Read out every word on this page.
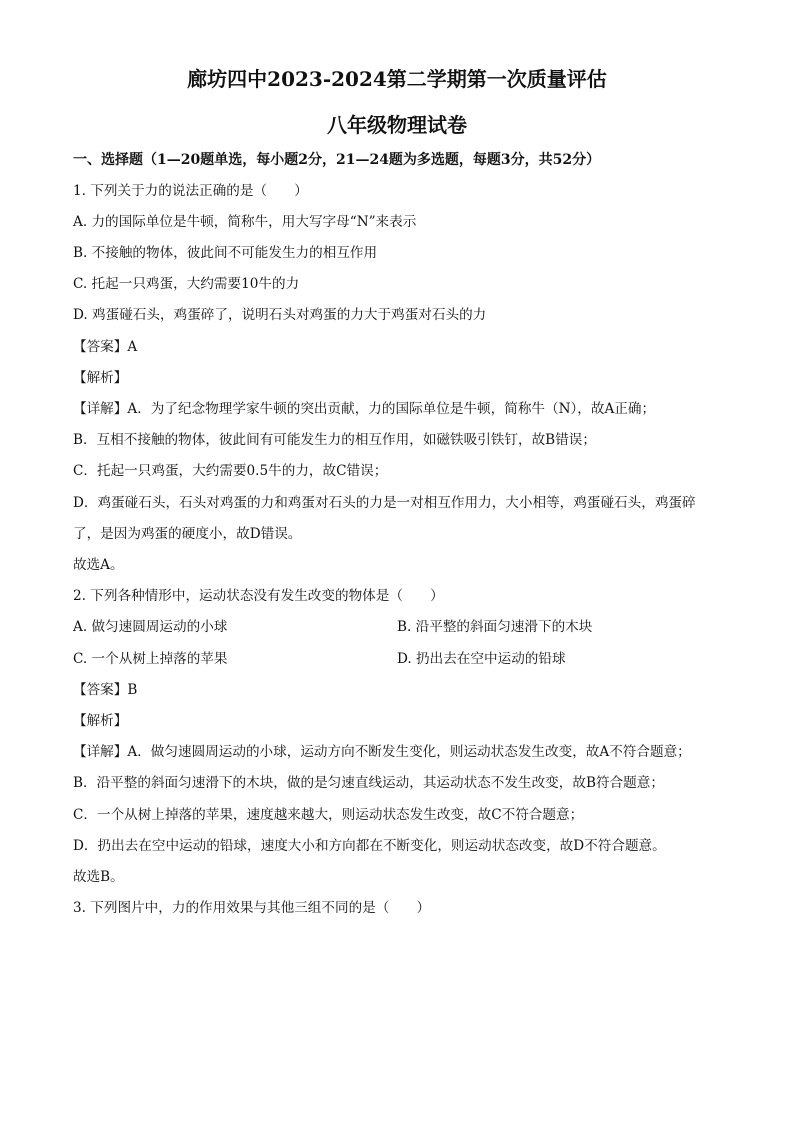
廊坊四中2023-2024第二学期第一次质量评估
八年级物理试卷

一、选择题（1—20题单选，每小题2分，21—24题为多选题，每题3分，共52分）

1. 下列关于力的说法正确的是（　　）

A. 力的国际单位是牛顿，简称牛，用大写字母“N”来表示

B. 不接触的物体，彼此间不可能发生力的相互作用

C. 托起一只鸡蛋，大约需要10牛的力

D. 鸡蛋碰石头，鸡蛋碎了，说明石头对鸡蛋的力大于鸡蛋对石头的力

【答案】A

【解析】

【详解】A．为了纪念物理学家牛顿的突出贡献，力的国际单位是牛顿，简称牛（N），故A正确；

B．互相不接触的物体，彼此间有可能发生力的相互作用，如磁铁吸引铁钉，故B错误；

C．托起一只鸡蛋，大约需要0.5牛的力，故C错误；

D．鸡蛋碰石头，石头对鸡蛋的力和鸡蛋对石头的力是一对相互作用力，大小相等，鸡蛋碰石头，鸡蛋碎

了，是因为鸡蛋的硬度小，故D错误。

故选A。

2. 下列各种情形中，运动状态没有发生改变的物体是（　　）

A. 做匀速圆周运动的小球	B. 沿平整的斜面匀速滑下的木块

C. 一个从树上掉落的苹果	D. 扔出去在空中运动的铅球

【答案】B

【解析】

【详解】A．做匀速圆周运动的小球，运动方向不断发生变化，则运动状态发生改变，故A不符合题意；

B．沿平整的斜面匀速滑下的木块，做的是匀速直线运动，其运动状态不发生改变，故B符合题意；

C．一个从树上掉落的苹果，速度越来越大，则运动状态发生改变，故C不符合题意；

D．扔出去在空中运动的铅球，速度大小和方向都在不断变化，则运动状态改变，故D不符合题意。

故选B。

3. 下列图片中，力的作用效果与其他三组不同的是（　　）
